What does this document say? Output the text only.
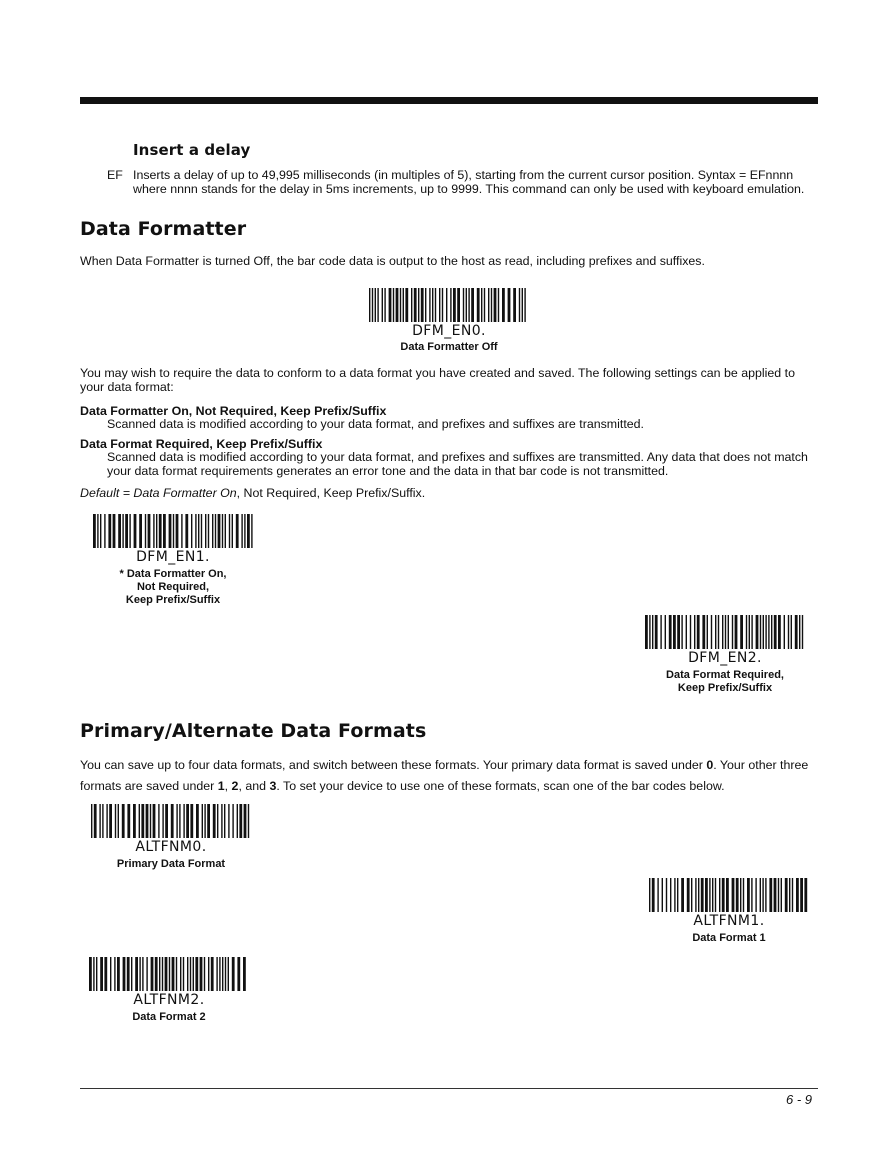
Insert a delay
EF Inserts a delay of up to 49,995 milliseconds (in multiples of 5), starting from the current cursor position. Syntax = EFnnnn where nnnn stands for the delay in 5ms increments, up to 9999. This command can only be used with keyboard emulation.
Data Formatter
When Data Formatter is turned Off, the bar code data is output to the host as read, including prefixes and suffixes.
DFM_EN0.
Data Formatter Off
You may wish to require the data to conform to a data format you have created and saved. The following settings can be applied to your data format:
Data Formatter On, Not Required, Keep Prefix/Suffix
Scanned data is modified according to your data format, and prefixes and suffixes are transmitted.
Data Format Required, Keep Prefix/Suffix
Scanned data is modified according to your data format, and prefixes and suffixes are transmitted. Any data that does not match your data format requirements generates an error tone and the data in that bar code is not transmitted.
Default = Data Formatter On, Not Required, Keep Prefix/Suffix.
DFM_EN1.
* Data Formatter On,
Not Required,
Keep Prefix/Suffix
DFM_EN2.
Data Format Required,
Keep Prefix/Suffix
Primary/Alternate Data Formats
You can save up to four data formats, and switch between these formats. Your primary data format is saved under 0. Your other three formats are saved under 1, 2, and 3. To set your device to use one of these formats, scan one of the bar codes below.
ALTFNM0.
Primary Data Format
ALTFNM1.
Data Format 1
ALTFNM2.
Data Format 2
6 - 9
